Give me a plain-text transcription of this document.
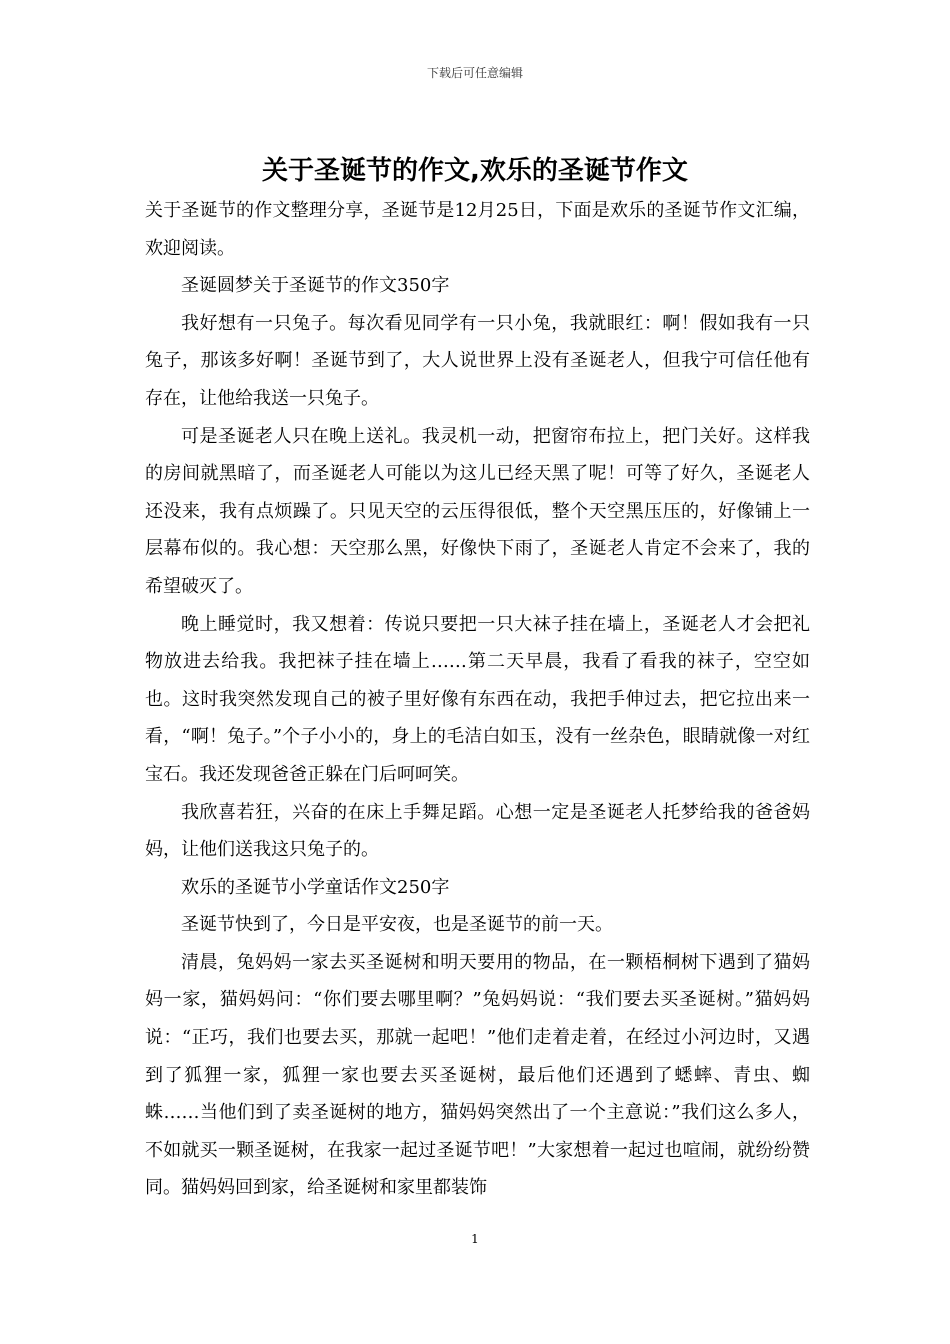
下载后可任意编辑
关于圣诞节的作文,欢乐的圣诞节作文

关于圣诞节的作文整理分享，圣诞节是12月25日，下面是欢乐的圣诞节作文汇编，欢迎阅读。

圣诞圆梦关于圣诞节的作文350字

我好想有一只兔子。每次看见同学有一只小兔，我就眼红：啊！假如我有一只兔子，那该多好啊！圣诞节到了，大人说世界上没有圣诞老人，但我宁可信任他有存在，让他给我送一只兔子。

可是圣诞老人只在晚上送礼。我灵机一动，把窗帘布拉上，把门关好。这样我的房间就黑暗了，而圣诞老人可能以为这儿已经天黑了呢！可等了好久，圣诞老人还没来，我有点烦躁了。只见天空的云压得很低，整个天空黑压压的，好像铺上一层幕布似的。我心想：天空那么黑，好像快下雨了，圣诞老人肯定不会来了，我的希望破灭了。

晚上睡觉时，我又想着：传说只要把一只大袜子挂在墙上，圣诞老人才会把礼物放进去给我。我把袜子挂在墙上……第二天早晨，我看了看我的袜子，空空如也。这时我突然发现自己的被子里好像有东西在动，我把手伸过去，把它拉出来一看，“啊！兔子。”个子小小的，身上的毛洁白如玉，没有一丝杂色，眼睛就像一对红宝石。我还发现爸爸正躲在门后呵呵笑。

我欣喜若狂，兴奋的在床上手舞足蹈。心想一定是圣诞老人托梦给我的爸爸妈妈，让他们送我这只兔子的。

欢乐的圣诞节小学童话作文250字

圣诞节快到了，今日是平安夜，也是圣诞节的前一天。

清晨，兔妈妈一家去买圣诞树和明天要用的物品，在一颗梧桐树下遇到了猫妈妈一家，猫妈妈问：“你们要去哪里啊？”兔妈妈说：“我们要去买圣诞树。”猫妈妈说：“正巧，我们也要去买，那就一起吧！”他们走着走着，在经过小河边时，又遇到了狐狸一家，狐狸一家也要去买圣诞树，最后他们还遇到了蟋蟀、青虫、蜘蛛……当他们到了卖圣诞树的地方，猫妈妈突然出了一个主意说：”我们这么多人，不如就买一颗圣诞树，在我家一起过圣诞节吧！”大家想着一起过也喧闹，就纷纷赞同。猫妈妈回到家，给圣诞树和家里都装饰

1
